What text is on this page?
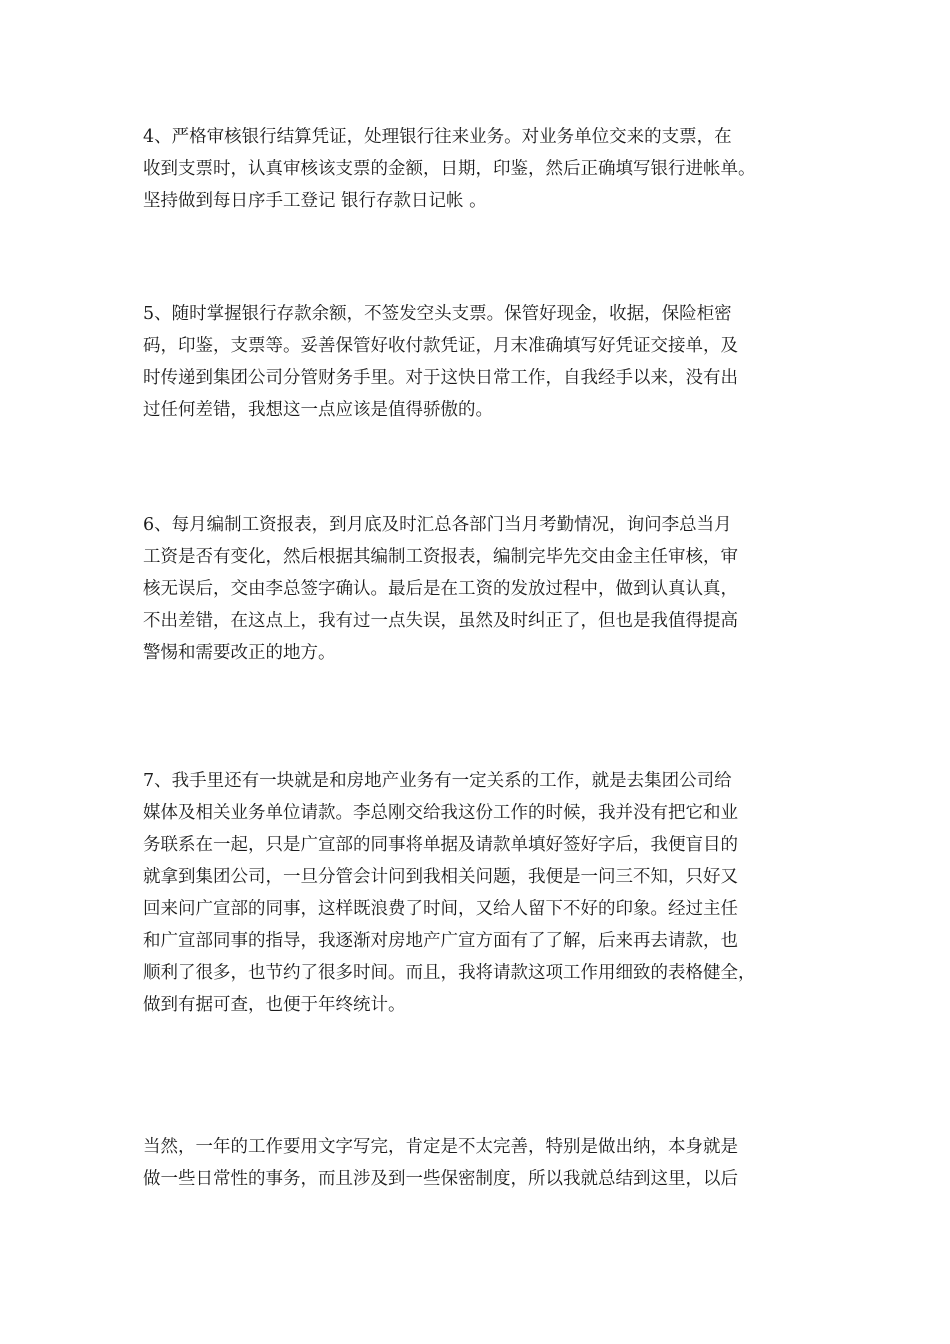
4、严格审核银行结算凭证，处理银行往来业务。对业务单位交来的支票，在
收到支票时，认真审核该支票的金额，日期，印鉴，然后正确填写银行进帐单。
坚持做到每日序手工登记 银行存款日记帐 。

5、随时掌握银行存款余额，不签发空头支票。保管好现金，收据，保险柜密
码，印鉴，支票等。妥善保管好收付款凭证，月末准确填写好凭证交接单，及
时传递到集团公司分管财务手里。对于这快日常工作，自我经手以来，没有出
过任何差错，我想这一点应该是值得骄傲的。

6、每月编制工资报表，到月底及时汇总各部门当月考勤情况，询问李总当月
工资是否有变化，然后根据其编制工资报表，编制完毕先交由金主任审核，审
核无误后，交由李总签字确认。最后是在工资的发放过程中，做到认真认真，
不出差错，在这点上，我有过一点失误，虽然及时纠正了，但也是我值得提高
警惕和需要改正的地方。

7、我手里还有一块就是和房地产业务有一定关系的工作，就是去集团公司给
媒体及相关业务单位请款。李总刚交给我这份工作的时候，我并没有把它和业
务联系在一起，只是广宣部的同事将单据及请款单填好签好字后，我便盲目的
就拿到集团公司，一旦分管会计问到我相关问题，我便是一问三不知，只好又
回来问广宣部的同事，这样既浪费了时间，又给人留下不好的印象。经过主任
和广宣部同事的指导，我逐渐对房地产广宣方面有了了解，后来再去请款，也
顺利了很多，也节约了很多时间。而且，我将请款这项工作用细致的表格健全，
做到有据可查，也便于年终统计。

当然，一年的工作要用文字写完，肯定是不太完善，特别是做出纳，本身就是
做一些日常性的事务，而且涉及到一些保密制度，所以我就总结到这里，以后
